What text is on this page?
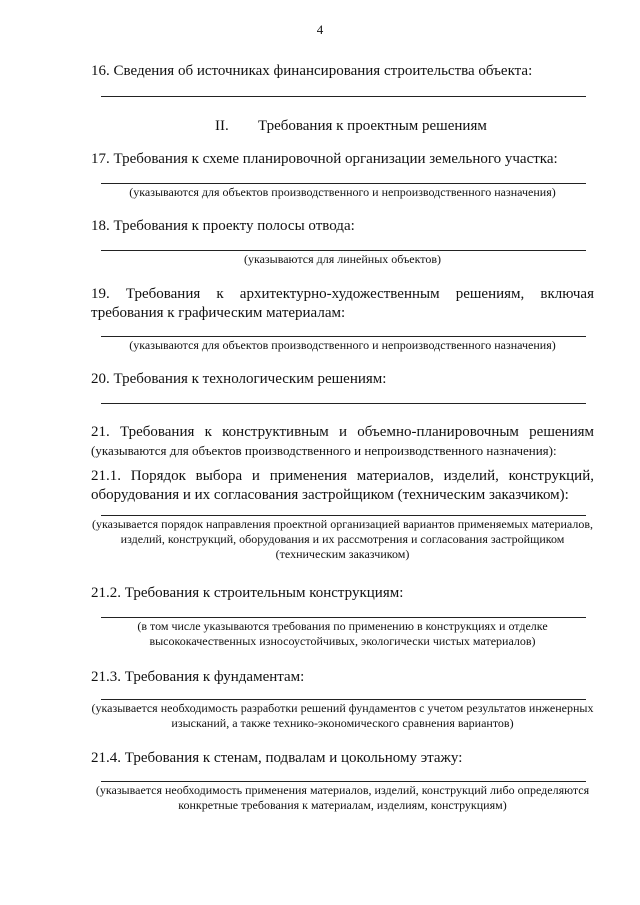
4

16. Сведения об источниках финансирования строительства объекта:

II. Требования к проектным решениям

17. Требования к схеме планировочной организации земельного участка:

(указываются для объектов производственного и непроизводственного назначения)

18. Требования к проекту полосы отвода:

(указываются для линейных объектов)

19. Требования к архитектурно-художественным решениям, включая требования к графическим материалам:

(указываются для объектов производственного и непроизводственного назначения)

20. Требования к технологическим решениям:

21. Требования к конструктивным и объемно-планировочным решениям

(указываются для объектов производственного и непроизводственного назначения):

21.1. Порядок выбора и применения материалов, изделий, конструкций, оборудования и их согласования застройщиком (техническим заказчиком):

(указывается порядок направления проектной организацией вариантов применяемых материалов, изделий, конструкций, оборудования и их рассмотрения и согласования застройщиком (техническим заказчиком)

21.2. Требования к строительным конструкциям:

(в том числе указываются требования по применению в конструкциях и отделке высококачественных износоустойчивых, экологически чистых материалов)

21.3. Требования к фундаментам:

(указывается необходимость разработки решений фундаментов с учетом результатов инженерных изысканий, а также технико-экономического сравнения вариантов)

21.4. Требования к стенам, подвалам и цокольному этажу:

(указывается необходимость применения материалов, изделий, конструкций либо определяются конкретные требования к материалам, изделиям, конструкциям)
